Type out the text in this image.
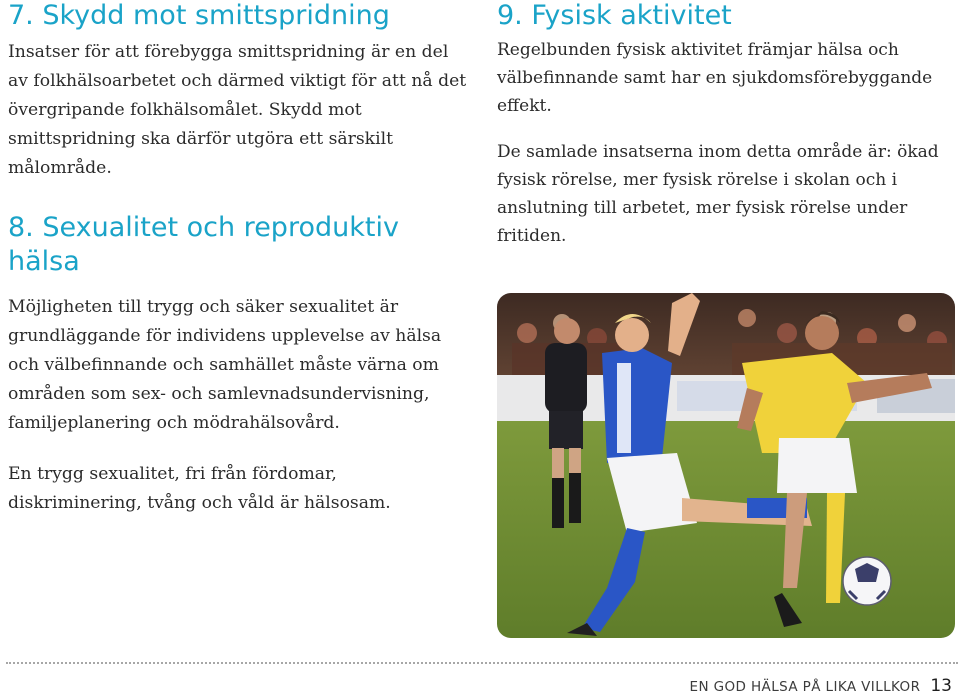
7. Skydd mot smittspridning

Insatser för att förebygga smittspridning är en del av folkhälsoarbetet och därmed viktigt för att nå det övergripande folkhälsomålet. Skydd mot smittspridning ska därför utgöra ett särskilt målområde.

8. Sexualitet och reproduktiv hälsa

Möjligheten till trygg och säker sexualitet är grundläggande för individens upplevelse av hälsa och välbefinnande och samhället måste värna om områden som sex- och samlevnadsundervisning, familjeplanering och mödrahälsovård.

En trygg sexualitet, fri från fördomar, diskriminering, tvång och våld är hälsosam.

9. Fysisk aktivitet

Regelbunden fysisk aktivitet främjar hälsa och välbefinnande samt har en sjukdomsförebyggande effekt.

De samlade insatserna inom detta område är: ökad fysisk rörelse, mer fysisk rörelse i skolan och i anslutning till arbetet, mer fysisk rörelse under fritiden.

EN GOD HÄLSA PÅ LIKA VILLKOR 13
